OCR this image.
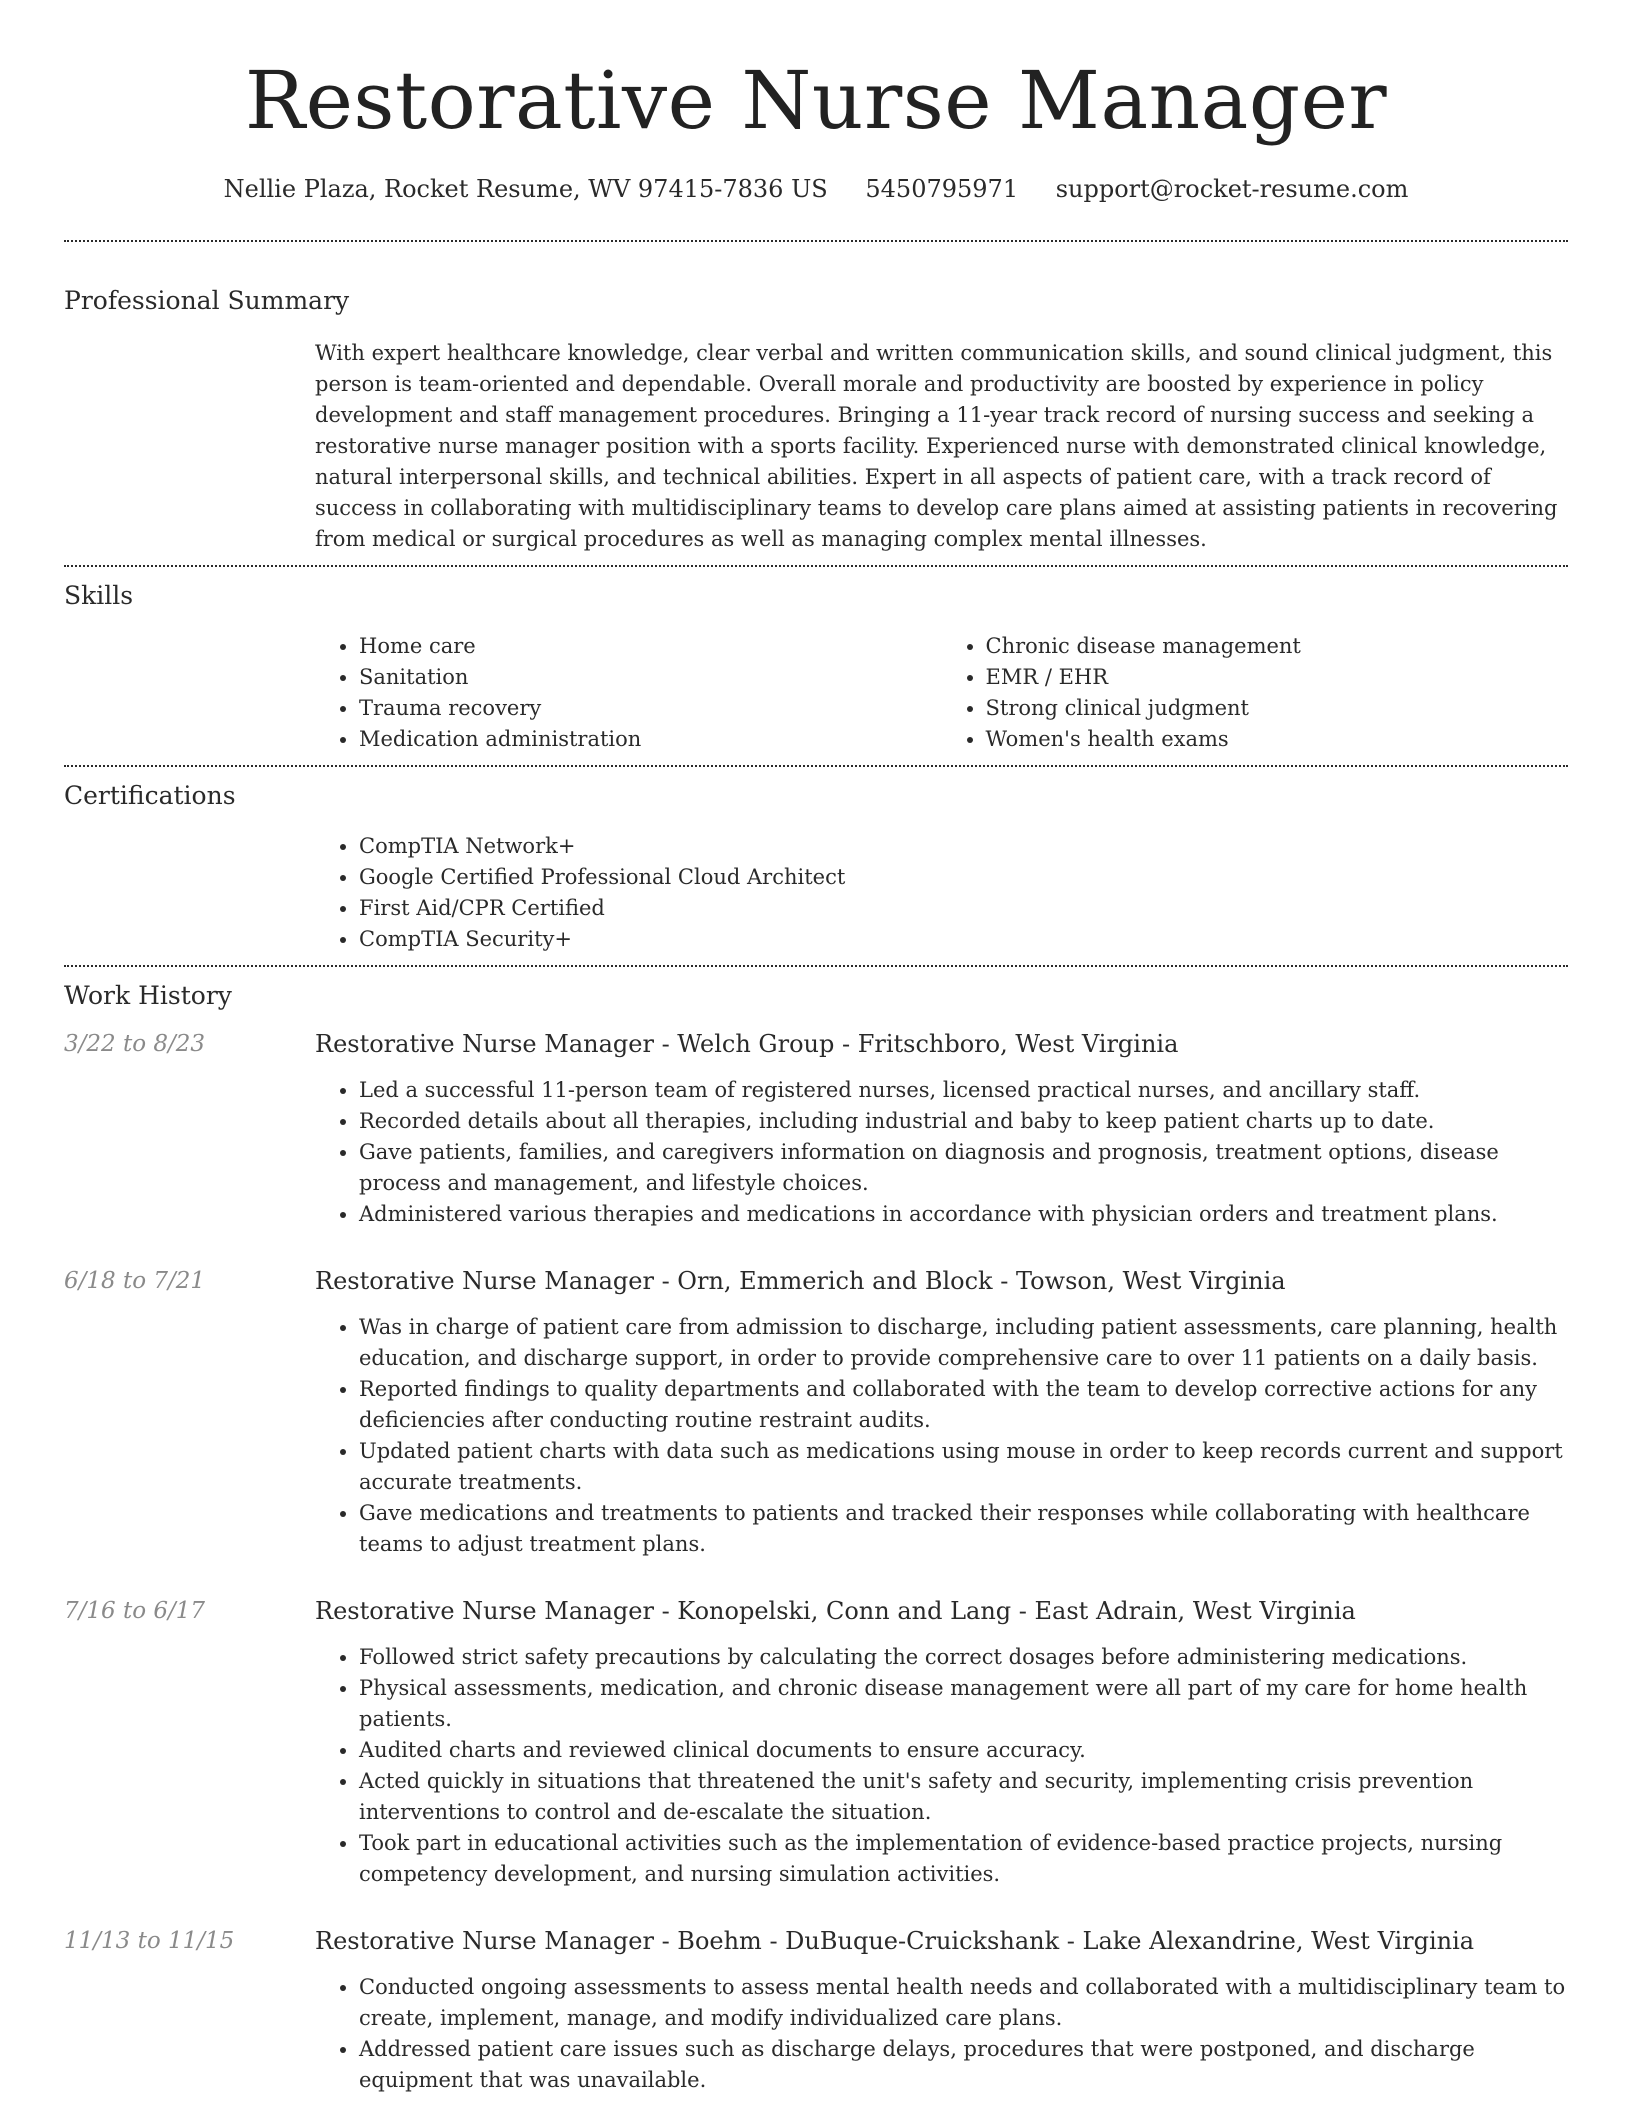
Restorative Nurse Manager
Nellie Plaza, Rocket Resume, WV 97415-7836 US 5450795971 support@rocket-resume.com
Professional Summary
With expert healthcare knowledge, clear verbal and written communication skills, and sound clinical judgment, this person is team-oriented and dependable. Overall morale and productivity are boosted by experience in policy development and staff management procedures. Bringing a 11-year track record of nursing success and seeking a restorative nurse manager position with a sports facility. Experienced nurse with demonstrated clinical knowledge, natural interpersonal skills, and technical abilities. Expert in all aspects of patient care, with a track record of success in collaborating with multidisciplinary teams to develop care plans aimed at assisting patients in recovering from medical or surgical procedures as well as managing complex mental illnesses.
Skills
• Home care
• Sanitation
• Trauma recovery
• Medication administration
• Chronic disease management
• EMR / EHR
• Strong clinical judgment
• Women's health exams
Certifications
• CompTIA Network+
• Google Certified Professional Cloud Architect
• First Aid/CPR Certified
• CompTIA Security+
Work History
3/22 to 8/23	Restorative Nurse Manager - Welch Group - Fritschboro, West Virginia
• Led a successful 11-person team of registered nurses, licensed practical nurses, and ancillary staff.
• Recorded details about all therapies, including industrial and baby to keep patient charts up to date.
• Gave patients, families, and caregivers information on diagnosis and prognosis, treatment options, disease process and management, and lifestyle choices.
• Administered various therapies and medications in accordance with physician orders and treatment plans.
6/18 to 7/21	Restorative Nurse Manager - Orn, Emmerich and Block - Towson, West Virginia
• Was in charge of patient care from admission to discharge, including patient assessments, care planning, health education, and discharge support, in order to provide comprehensive care to over 11 patients on a daily basis.
• Reported findings to quality departments and collaborated with the team to develop corrective actions for any deficiencies after conducting routine restraint audits.
• Updated patient charts with data such as medications using mouse in order to keep records current and support accurate treatments.
• Gave medications and treatments to patients and tracked their responses while collaborating with healthcare teams to adjust treatment plans.
7/16 to 6/17	Restorative Nurse Manager - Konopelski, Conn and Lang - East Adrain, West Virginia
• Followed strict safety precautions by calculating the correct dosages before administering medications.
• Physical assessments, medication, and chronic disease management were all part of my care for home health patients.
• Audited charts and reviewed clinical documents to ensure accuracy.
• Acted quickly in situations that threatened the unit's safety and security, implementing crisis prevention interventions to control and de-escalate the situation.
• Took part in educational activities such as the implementation of evidence-based practice projects, nursing competency development, and nursing simulation activities.
11/13 to 11/15	Restorative Nurse Manager - Boehm - DuBuque-Cruickshank - Lake Alexandrine, West Virginia
• Conducted ongoing assessments to assess mental health needs and collaborated with a multidisciplinary team to create, implement, manage, and modify individualized care plans.
• Addressed patient care issues such as discharge delays, procedures that were postponed, and discharge equipment that was unavailable.
